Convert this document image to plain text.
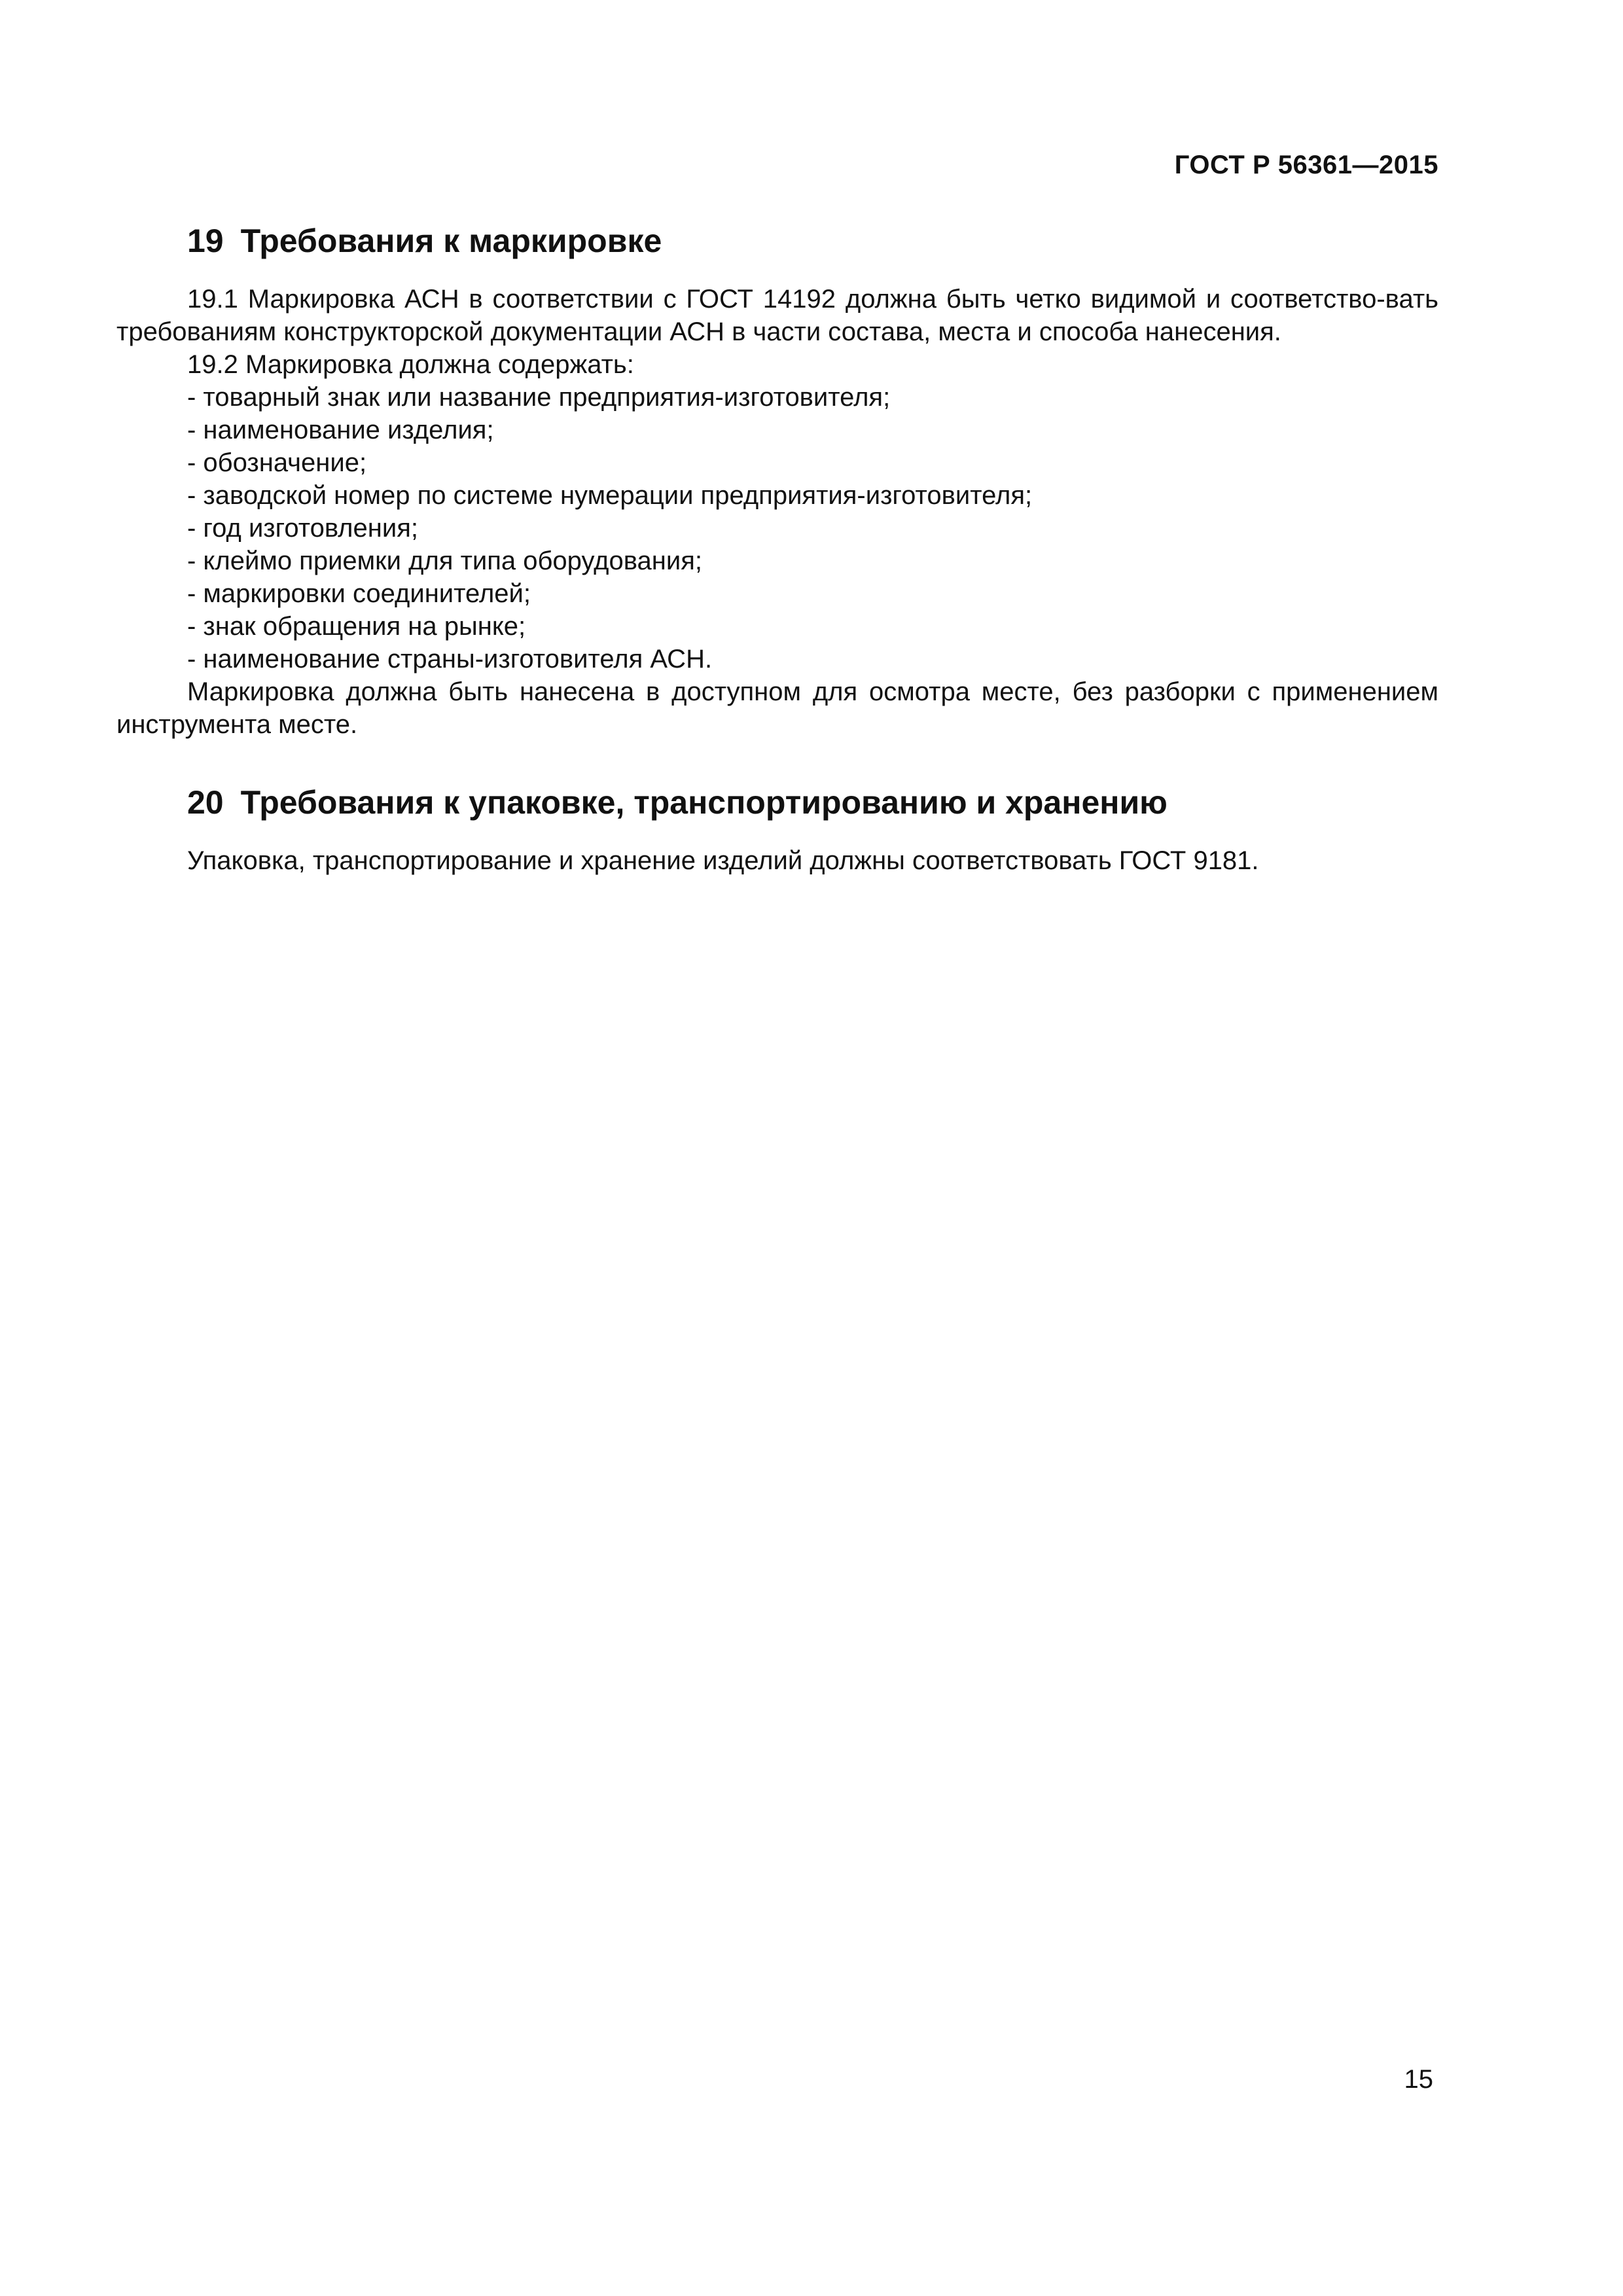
ГОСТ Р 56361—2015
19 Требования к маркировке

19.1 Маркировка АСН в соответствии с ГОСТ 14192 должна быть четко видимой и соответство-вать требованиям конструкторской документации АСН в части состава, места и способа нанесения.

19.2 Маркировка должна содержать:

- товарный знак или название предприятия-изготовителя;
- наименование изделия;
- обозначение;
- заводской номер по системе нумерации предприятия-изготовителя;
- год изготовления;
- клеймо приемки для типа оборудования;
- маркировки соединителей;
- знак обращения на рынке;
- наименование страны-изготовителя АСН.

Маркировка должна быть нанесена в доступном для осмотра месте, без разборки с применением инструмента месте.

20 Требования к упаковке, транспортированию и хранению

Упаковка, транспортирование и хранение изделий должны соответствовать ГОСТ 9181.

15
